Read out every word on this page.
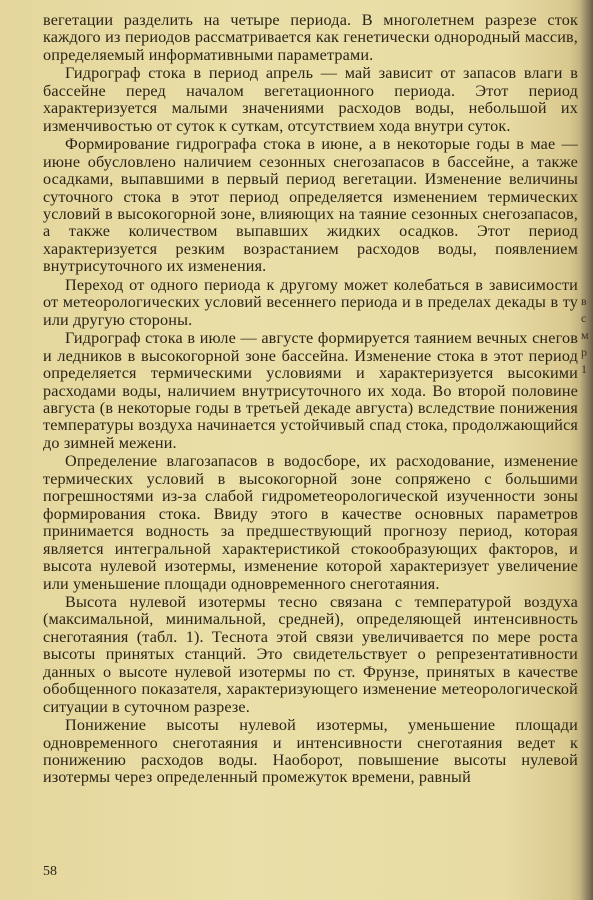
вегетации разделить на четыре периода. В многолетнем разрезе сток каждого из периодов рассматривается как генетически однородный массив, определяемый информативными параметрами.

Гидрограф стока в период апрель — май зависит от запасов влаги в бассейне перед началом вегетационного периода. Этот период характеризуется малыми значениями расходов воды, небольшой их изменчивостью от суток к суткам, отсутствием хода внутри суток.

Формирование гидрографа стока в июне, а в некоторые годы в мае — июне обусловлено наличием сезонных снегозапасов в бассейне, а также осадками, выпавшими в первый период вегетации. Изменение величины суточного стока в этот период определяется изменением термических условий в высокогорной зоне, влияющих на таяние сезонных снегозапасов, а также количеством выпавших жидких осадков. Этот период характеризуется резким возрастанием расходов воды, появлением внутрисуточного их изменения.

Переход от одного периода к другому может колебаться в зависимости от метеорологических условий весеннего периода и в пределах декады в ту или другую стороны.

Гидрограф стока в июле — августе формируется таянием вечных снегов и ледников в высокогорной зоне бассейна. Изменение стока в этот период определяется термическими условиями и характеризуется высокими расходами воды, наличием внутрисуточного их хода. Во второй половине августа (в некоторые годы в третьей декаде августа) вследствие понижения температуры воздуха начинается устойчивый спад стока, продолжающийся до зимней межени.

Определение влагозапасов в водосборе, их расходование, изменение термических условий в высокогорной зоне сопряжено с большими погрешностями из-за слабой гидрометеорологической изученности зоны формирования стока. Ввиду этого в качестве основных параметров принимается водность за предшествующий прогнозу период, которая является интегральной характеристикой стокообразующих факторов, и высота нулевой изотермы, изменение которой характеризует увеличение или уменьшение площади одновременного снеготаяния.

Высота нулевой изотермы тесно связана с температурой воздуха (максимальной, минимальной, средней), определяющей интенсивность снеготаяния (табл. 1). Теснота этой связи увеличивается по мере роста высоты принятых станций. Это свидетельствует о репрезентативности данных о высоте нулевой изотермы по ст. Фрунзе, принятых в качестве обобщенного показателя, характеризующего изменение метеорологической ситуации в суточном разрезе.

Понижение высоты нулевой изотермы, уменьшение площади одновременного снеготаяния и интенсивности снеготаяния ведет к понижению расходов воды. Наоборот, повышение высоты нулевой изотермы через определенный промежуток времени, равный

58
в
с
м
р
1
